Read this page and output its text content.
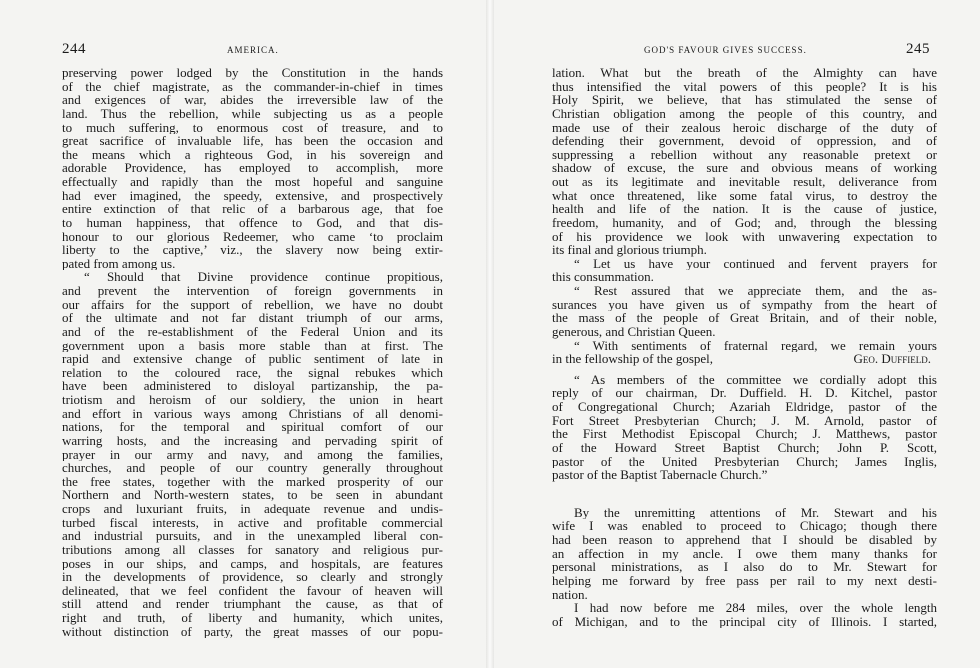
244	AMERICA.
preserving power lodged by the Constitution in the hands
of the chief magistrate, as the commander-in-chief in times
and exigences of war, abides the irreversible law of the
land. Thus the rebellion, while subjecting us as a people
to much suffering, to enormous cost of treasure, and to
great sacrifice of invaluable life, has been the occasion and
the means which a righteous God, in his sovereign and
adorable Providence, has employed to accomplish, more
effectually and rapidly than the most hopeful and sanguine
had ever imagined, the speedy, extensive, and prospectively
entire extinction of that relic of a barbarous age, that foe
to human happiness, that offence to God, and that dis-
honour to our glorious Redeemer, who came ‘to proclaim
liberty to the captive,’ viz., the slavery now being extir-
pated from among us.
“ Should that Divine providence continue propitious,
and prevent the intervention of foreign governments in
our affairs for the support of rebellion, we have no doubt
of the ultimate and not far distant triumph of our arms,
and of the re-establishment of the Federal Union and its
government upon a basis more stable than at first. The
rapid and extensive change of public sentiment of late in
relation to the coloured race, the signal rebukes which
have been administered to disloyal partizanship, the pa-
triotism and heroism of our soldiery, the union in heart
and effort in various ways among Christians of all denomi-
nations, for the temporal and spiritual comfort of our
warring hosts, and the increasing and pervading spirit of
prayer in our army and navy, and among the families,
churches, and people of our country generally throughout
the free states, together with the marked prosperity of our
Northern and North-western states, to be seen in abundant
crops and luxuriant fruits, in adequate revenue and undis-
turbed fiscal interests, in active and profitable commercial
and industrial pursuits, and in the unexampled liberal con-
tributions among all classes for sanatory and religious pur-
poses in our ships, and camps, and hospitals, are features
in the developments of providence, so clearly and strongly
delineated, that we feel confident the favour of heaven will
still attend and render triumphant the cause, as that of
right and truth, of liberty and humanity, which unites,
without distinction of party, the great masses of our popu-
GOD'S FAVOUR GIVES SUCCESS.	245
lation. What but the breath of the Almighty can have
thus intensified the vital powers of this people? It is his
Holy Spirit, we believe, that has stimulated the sense of
Christian obligation among the people of this country, and
made use of their zealous heroic discharge of the duty of
defending their government, devoid of oppression, and of
suppressing a rebellion without any reasonable pretext or
shadow of excuse, the sure and obvious means of working
out as its legitimate and inevitable result, deliverance from
what once threatened, like some fatal virus, to destroy the
health and life of the nation. It is the cause of justice,
freedom, humanity, and of God; and, through the blessing
of his providence we look with unwavering expectation to
its final and glorious triumph.
“ Let us have your continued and fervent prayers for
this consummation.
“ Rest assured that we appreciate them, and the as-
surances you have given us of sympathy from the heart of
the mass of the people of Great Britain, and of their noble,
generous, and Christian Queen.
“ With sentiments of fraternal regard, we remain yours
in the fellowship of the gospel,	Geo. Duffield.
“ As members of the committee we cordially adopt this
reply of our chairman, Dr. Duffield. H. D. Kitchel, pastor
of Congregational Church; Azariah Eldridge, pastor of the
Fort Street Presbyterian Church; J. M. Arnold, pastor of
the First Methodist Episcopal Church; J. Matthews, pastor
of the Howard Street Baptist Church; John P. Scott,
pastor of the United Presbyterian Church; James Inglis,
pastor of the Baptist Tabernacle Church.”
By the unremitting attentions of Mr. Stewart and his
wife I was enabled to proceed to Chicago; though there
had been reason to apprehend that I should be disabled by
an affection in my ancle. I owe them many thanks for
personal ministrations, as I also do to Mr. Stewart for
helping me forward by free pass per rail to my next desti-
nation.
I had now before me 284 miles, over the whole length
of Michigan, and to the principal city of Illinois. I started,
